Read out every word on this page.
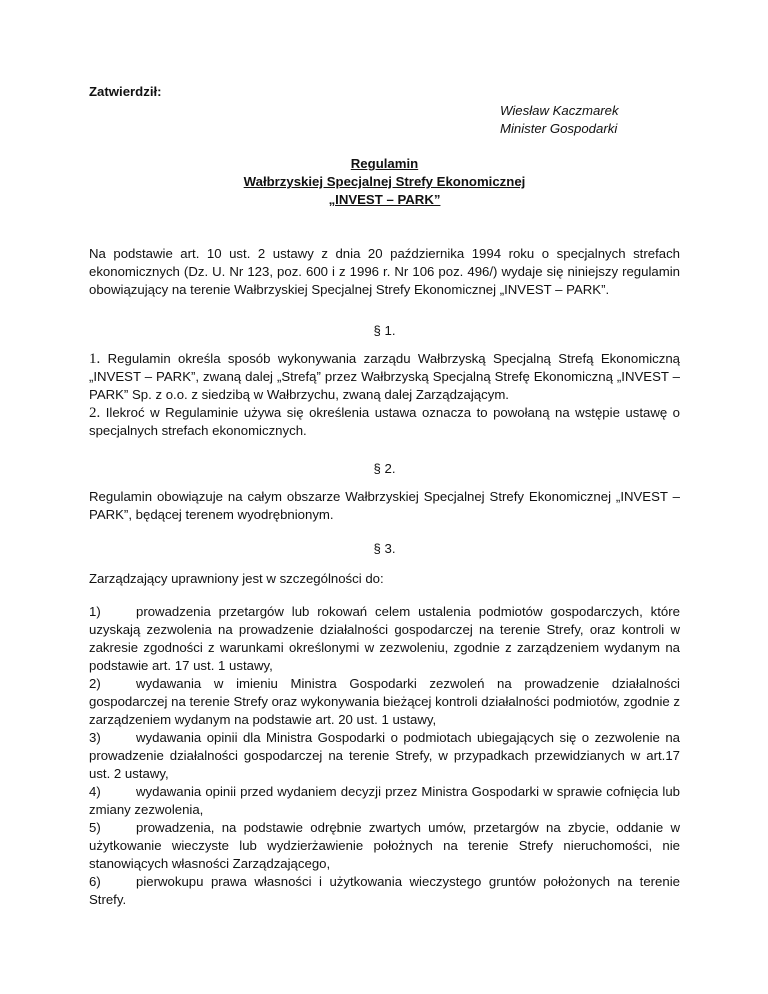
Zatwierdził:
Wiesław Kaczmarek
Minister Gospodarki
Regulamin
Wałbrzyskiej Specjalnej Strefy Ekonomicznej
„INVEST – PARK”
Na podstawie art. 10 ust. 2 ustawy z dnia 20 października 1994 roku o specjalnych strefach ekonomicznych (Dz. U. Nr 123, poz. 600 i z 1996 r. Nr 106 poz. 496/) wydaje się niniejszy regulamin obowiązujący na terenie Wałbrzyskiej Specjalnej Strefy Ekonomicznej „INVEST – PARK”.
§ 1.
1. Regulamin określa sposób wykonywania zarządu Wałbrzyską Specjalną Strefą Ekonomiczną „INVEST – PARK”, zwaną dalej „Strefą” przez Wałbrzyską Specjalną Strefę Ekonomiczną „INVEST – PARK” Sp. z o.o. z siedzibą w Wałbrzychu, zwaną dalej Zarządzającym.
2. Ilekroć w Regulaminie używa się określenia ustawa oznacza to powołaną na wstępie ustawę o specjalnych strefach ekonomicznych.
§ 2.
Regulamin obowiązuje na całym obszarze Wałbrzyskiej Specjalnej Strefy Ekonomicznej „INVEST – PARK”, będącej terenem wyodrębnionym.
§ 3.
Zarządzający uprawniony jest w szczególności do:
1)	prowadzenia przetargów lub rokowań celem ustalenia podmiotów gospodarczych, które uzyskają zezwolenia na prowadzenie działalności gospodarczej na terenie Strefy, oraz kontroli w zakresie zgodności z warunkami określonymi w zezwoleniu, zgodnie z zarządzeniem wydanym na podstawie art. 17 ust. 1 ustawy,
2)	wydawania w imieniu Ministra Gospodarki zezwoleń na prowadzenie działalności gospodarczej na terenie Strefy oraz wykonywania bieżącej kontroli działalności podmiotów, zgodnie z zarządzeniem wydanym na podstawie art. 20 ust. 1 ustawy,
3)	wydawania opinii dla Ministra Gospodarki o podmiotach ubiegających się o zezwolenie na prowadzenie działalności gospodarczej na terenie Strefy, w przypadkach przewidzianych w art.17 ust. 2 ustawy,
4)	wydawania opinii przed wydaniem decyzji przez Ministra Gospodarki w sprawie cofnięcia lub zmiany zezwolenia,
5)	prowadzenia, na podstawie odrębnie zwartych umów, przetargów na zbycie, oddanie w użytkowanie wieczyste lub wydzierżawienie położnych na terenie Strefy nieruchomości, nie stanowiących własności Zarządzającego,
6)	pierwokupu prawa własności i użytkowania wieczystego gruntów położonych na terenie Strefy.
